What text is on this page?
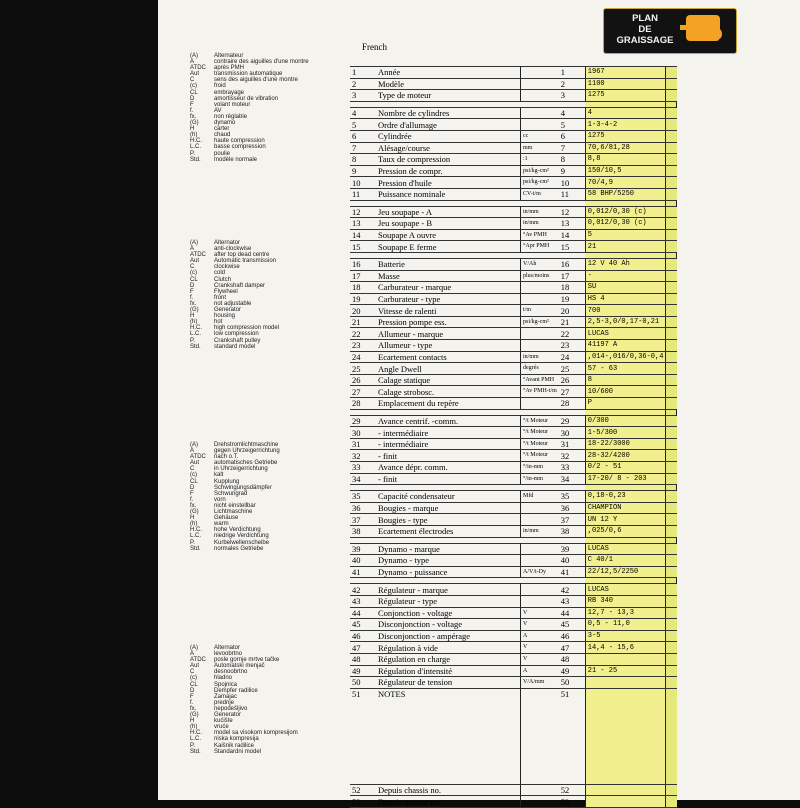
(A)	Alternateur
A	contraire des aiguilles d'une montre
ATDC	après PMH
Aut	transmission automatique
C	sens des aiguilles d'une montre
(c)	froid
CL	embrayage
D	amortisseur de vibration
F	volant moteur
f.	AV
fx.	non réglable
(G)	dynamo
H	carter
(h)	chaud
H.C.	haute compression
L.C.	basse compression
P.	poulie
Std.	modèle normale
(A)	Alternator
A	anti-clockwise
ATDC	after top dead centre
Aut	Automatic transmission
C	clockwise
(c)	cold
CL	Clutch
D	Crankshaft damper
F	Flywheel
f.	front
fx.	not adjustable
(G)	Generator
H	housing
(h)	hot
H.C.	high compression model
L.C.	low compression
P.	Crankshaft pulley
Std.	standard model
(A)	Drehstromlichtmaschine
A	gegen Uhrzeigerrichtung
ATDC	nach o.T.
Aut	automatisches Getriebe
C	in Uhrzeigerrichtung
(c)	kalt
CL	Kupplung
D	Schwingungsdämpfer
F	Schwungrad
f.	vorn
fx.	nicht einstellbar
(G)	Lichtmaschine
H	Gehäuse
(h)	warm
H.C.	hohe Verdichtung
L.C.	niedrige Verdichtung
P.	Kurbelwellenscheibe
Std.	normales Getriebe
(A)	Alternator
A	levoobrtno
ATDC	posle gornje mrtve tačke
Aut	Automatski menjač
C	desnoobrtno
(c)	hladno
CL	Spojnica
D	Dempfer radilice
F	Zamajac
f.	prednje
fx.	nepodešljivo
(G)	Generator
H	kućište
(h)	vruće
H.C.	model sa visokom kompresijom
L.C.	niska kompresija
P.	Kaišnik radilice
Std.	Standardni model
French
1	Année		1	1967	
2	Modèle		2	1100	
3	Type de moteur		3	1275	

4	Nombre de cylindres		4	4	
5	Ordre d'allumage		5	1-3-4-2	
6	Cylindrée	cc	6	1275	
7	Alésage/course	mm	7	70,6/81,28	
8	Taux de compression	:1	8	8,8	
9	Pression de compr.	psi/kg-cm²	9	150/10,5	
10	Pression d'huile	psi/kg-cm²	10	70/4,9	
11	Puissance nominale	CV-t/m	11	58 BHP/5250	

12	Jeu soupape - A	in/mm	12	0,012/0,30 (c)	
13	Jeu soupape - B	in/mm	13	0,012/0,30 (c)	
14	Soupape A ouvre	°Av PMH	14	5	
15	Soupape E ferme	°Apr PMH	15	21	

16	Batterie	V/Ah	16	12 V 40 Ah	
17	Masse	plus/moins	17	-	
18	Carburateur - marque		18	SU	
19	Carburateur - type		19	HS 4	
20	Vitesse de ralenti	t/m	20	700	
21	Pression pompe ess.	psi/kg-cm²	21	2,5-3,0/0,17-0,21	
22	Allumeur - marque		22	LUCAS	
23	Allumeur - type		23	41197 A	
24	Ecartement contacts	in/mm	24	,014-,016/0,36-0,4	
25	Angle Dwell	degrés	25	57 - 63	
26	Calage statique	°Avant PMH	26	8	
27	Calage strobosc.	°Av PMH-t/m	27	10/600	
28	Emplacement du repère		28	P	

29	Avance centrif. -comm.	°/t Moteur	29	0/300	
30	- intermédiaire	°/t Moteur	30	1-5/300	
31	- intermédiaire	°/t Moteur	31	18-22/3000	
32	- finit	°/t Moteur	32	28-32/4200	
33	Avance dépr. comm.	°/in-mm	33	0/2 - 51	
34	- finit	°/in-mm	34	17-20/ 8 - 203	

35	Capacité condensateur	Mfd	35	0,18-0,23	
36	Bougies - marque		36	CHAMPION	
37	Bougies - type		37	UN 12 Y	
38	Ecartement électrodes	in/mm	38	,025/0,6	

39	Dynamo - marque		39	LUCAS	
40	Dynamo - type		40	C 40/1	
41	Dynamo - puissance	A/V/t-Dy	41	22/12,5/2250	

42	Régulateur - marque		42	LUCAS	
43	Régulateur - type		43	RB 340	
44	Conjonction - voltage	V	44	12,7 - 13,3	
45	Disconjonction - voltage	V	45	0,5 - 11,0	
46	Disconjonction - ampérage	A	46	3-5	
47	Régulation à vide	V	47	14,4 - 15,6	
48	Régulation en charge	V	48		
49	Régulation d'intensité	A	49	21 - 25	
50	Régulateur de tension	V/A/mm	50		
51	NOTES		51		
52	Depuis chassis no.		52		
53	Depuis moteur no.		53		
PLAN
DE
GRAISSAGE
